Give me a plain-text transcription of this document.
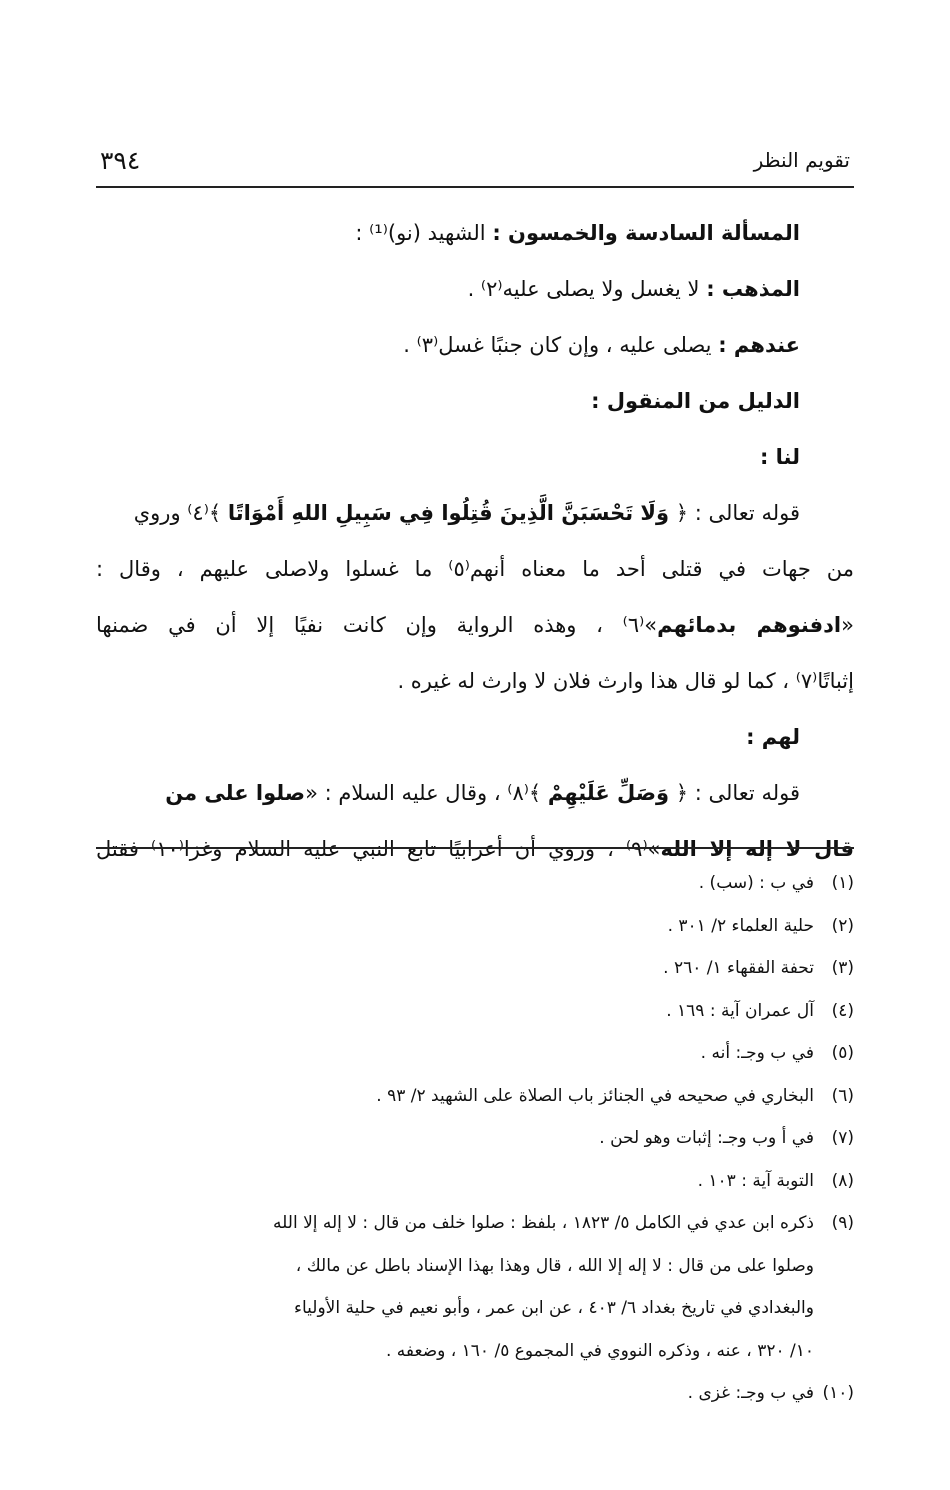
٣٩٤	تقويم النظر
المسألة السادسة والخمسون : الشهيد (نو)⁽¹⁾ :
المذهب : لا يغسل ولا يصلى عليه⁽٢⁾ .
عندهم : يصلى عليه ، وإن كان جنبًا غسل⁽٣⁾ .
الدليل من المنقول :
لنا :
قوله تعالى : ﴿ وَلَا تَحْسَبَنَّ الَّذِينَ قُتِلُوا فِي سَبِيلِ اللهِ أَمْوَاتًا ﴾⁽٤⁾ وروي
من جهات في قتلى أحد ما معناه أنهم⁽٥⁾ ما غسلوا ولاصلى عليهم ، وقال :
«ادفنوهم بدمائهم»⁽٦⁾ ، وهذه الرواية وإن كانت نفيًا إلا أن في ضمنها
إثباتًا⁽٧⁾ ، كما لو قال هذا وارث فلان لا وارث له غيره .
لهم :
قوله تعالى : ﴿ وَصَلِّ عَلَيْهِمْ ﴾⁽٨⁾ ، وقال عليه السلام : «صلوا على من
قال لا إله إلا الله»⁽٩⁾ ، وروي أن أعرابيًا تابع النبي عليه السلام وغزا⁽١٠⁾ فقتل
(١)في ب : (سب) .
(٢)حلية العلماء ٢/ ٣٠١ .
(٣)تحفة الفقهاء ١/ ٢٦٠ .
(٤)آل عمران آية : ١٦٩ .
(٥)في ب وجـ: أنه .
(٦)البخاري في صحيحه في الجنائز باب الصلاة على الشهيد ٢/ ٩٣ .
(٧)في أ وب وجـ: إثبات وهو لحن .
(٨)التوبة آية : ١٠٣ .
(٩)ذكره ابن عدي في الكامل ٥/ ١٨٢٣ ، بلفظ : صلوا خلف من قال : لا إله إلا الله
وصلوا على من قال : لا إله إلا الله ، قال وهذا بهذا الإسناد باطل عن مالك ،
والبغدادي في تاريخ بغداد ٦/ ٤٠٣ ، عن ابن عمر ، وأبو نعيم في حلية الأولياء
١٠/ ٣٢٠ ، عنه ، وذكره النووي في المجموع ٥/ ١٦٠ ، وضعفه .
(١٠)في ب وجـ: غزى .
